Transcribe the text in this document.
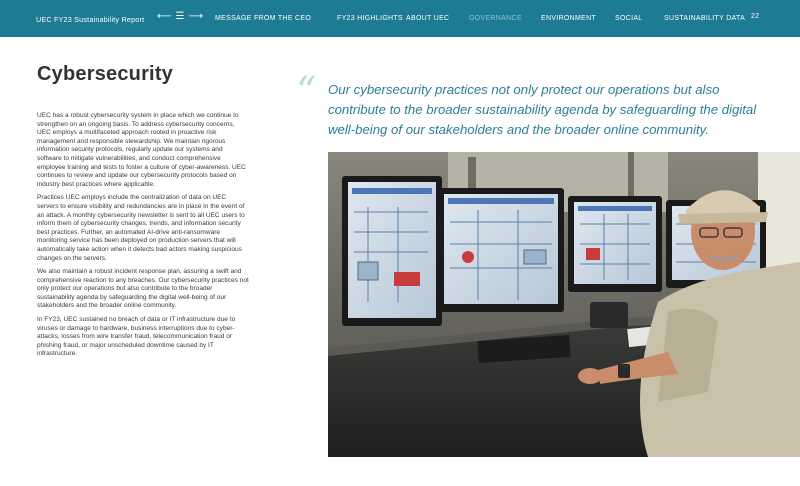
UEC FY23 Sustainability Report ⟵ ☰ ⟶ MESSAGE FROM THE CEO	FY23 HIGHLIGHTS ABOUT UEC	GOVERNANCE	ENVIRONMENT	SOCIAL	SUSTAINABILITY DATA 22
Cybersecurity

UEC has a robust cybersecurity system in place which we continue to strengthen on an ongoing basis. To address cybersecurity concerns, UEC employs a multifaceted approach rooted in proactive risk management and responsible stewardship. We maintain rigorous information security protocols, regularly update our systems and software to mitigate vulnerabilities, and conduct comprehensive employee training and tests to foster a culture of cyber-awareness. UEC continues to review and update our cybersecurity protocols based on industry best practices where applicable.

Practices UEC employs include the centralization of data on UEC servers to ensure visibility and redundancies are in place in the event of an attack. A monthly cybersecurity newsletter is sent to all UEC users to inform them of cybersecurity changes, trends, and information security best practices. Further, an automated AI-drive anti-ransomware monitoring service has been deployed on production servers that will automatically take action when it detects bad actors making suspicious changes on the servers.

We also maintain a robust incident response plan, assuring a swift and comprehensive reaction to any breaches. Our cybersecurity practices not only protect our operations but also contribute to the broader sustainability agenda by safeguarding the digital well-being of our stakeholders and the broader online community.

In FY23, UEC sustained no breach of data or IT infrastructure due to viruses or damage to hardware, business interruptions due to cyber-attacks, losses from wire transfer fraud, telecommunication fraud or phishing fraud, or major unscheduled downtime caused by IT infrastructure.

“ Our cybersecurity practices not only protect our operations but also contribute to the broader sustainability agenda by safeguarding the digital well-being of our stakeholders and the broader online community.
